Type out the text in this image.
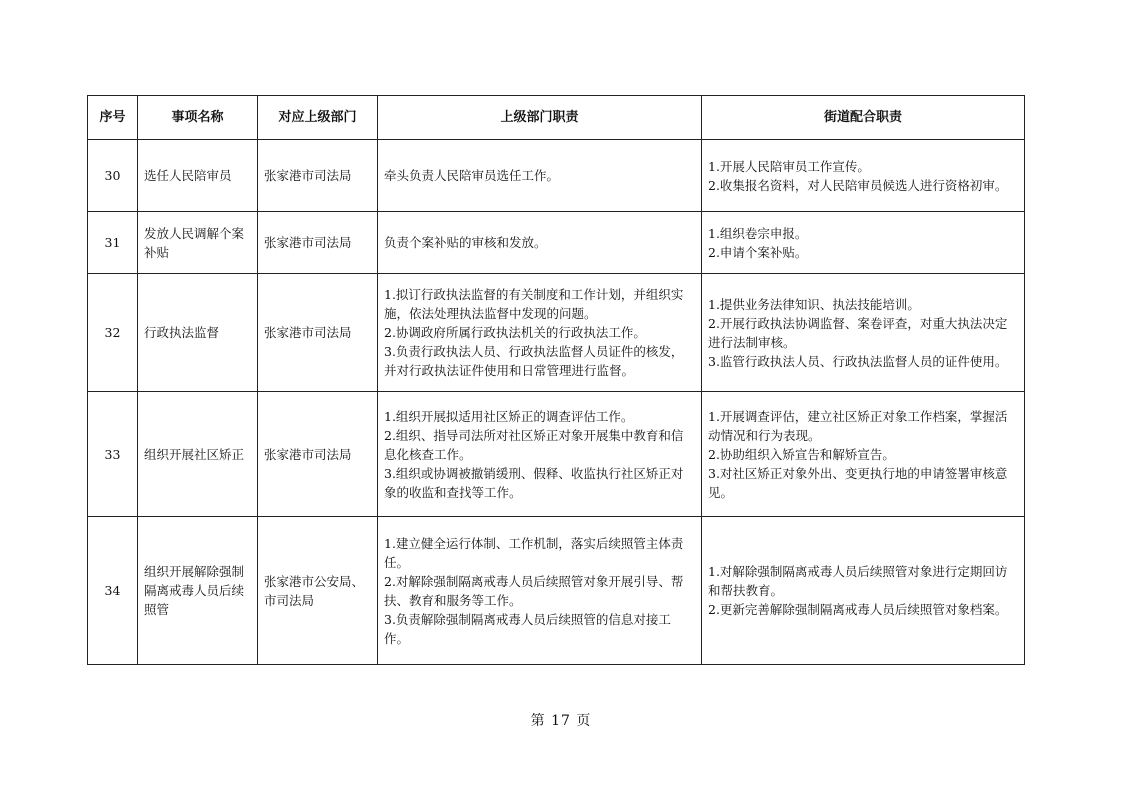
序号	事项名称	对应上级部门	上级部门职责	街道配合职责
30	选任人民陪审员	张家港市司法局	牵头负责人民陪审员选任工作。	1.开展人民陪审员工作宣传。
2.收集报名资料，对人民陪审员候选人进行资格初审。

31	发放人民调解个案补贴	张家港市司法局	负责个案补贴的审核和发放。	1.组织卷宗申报。
2.申请个案补贴。

32	行政执法监督	张家港市司法局	1.拟订行政执法监督的有关制度和工作计划，并组织实施，依法处理执法监督中发现的问题。
2.协调政府所属行政执法机关的行政执法工作。
3.负责行政执法人员、行政执法监督人员证件的核发，并对行政执法证件使用和日常管理进行监督。	1.提供业务法律知识、执法技能培训。
2.开展行政执法协调监督、案卷评查，对重大执法决定进行法制审核。
3.监管行政执法人员、行政执法监督人员的证件使用。

33	组织开展社区矫正	张家港市司法局	1.组织开展拟适用社区矫正的调查评估工作。
2.组织、指导司法所对社区矫正对象开展集中教育和信息化核查工作。
3.组织或协调被撤销缓刑、假释、收监执行社区矫正对象的收监和查找等工作。	1.开展调查评估，建立社区矫正对象工作档案，掌握活动情况和行为表现。
2.协助组织入矫宣告和解矫宣告。
3.对社区矫正对象外出、变更执行地的申请签署审核意见。

34	组织开展解除强制隔离戒毒人员后续照管	张家港市公安局、市司法局	1.建立健全运行体制、工作机制，落实后续照管主体责任。
2.对解除强制隔离戒毒人员后续照管对象开展引导、帮扶、教育和服务等工作。
3.负责解除强制隔离戒毒人员后续照管的信息对接工作。	1.对解除强制隔离戒毒人员后续照管对象进行定期回访和帮扶教育。
2.更新完善解除强制隔离戒毒人员后续照管对象档案。
第 17 页
